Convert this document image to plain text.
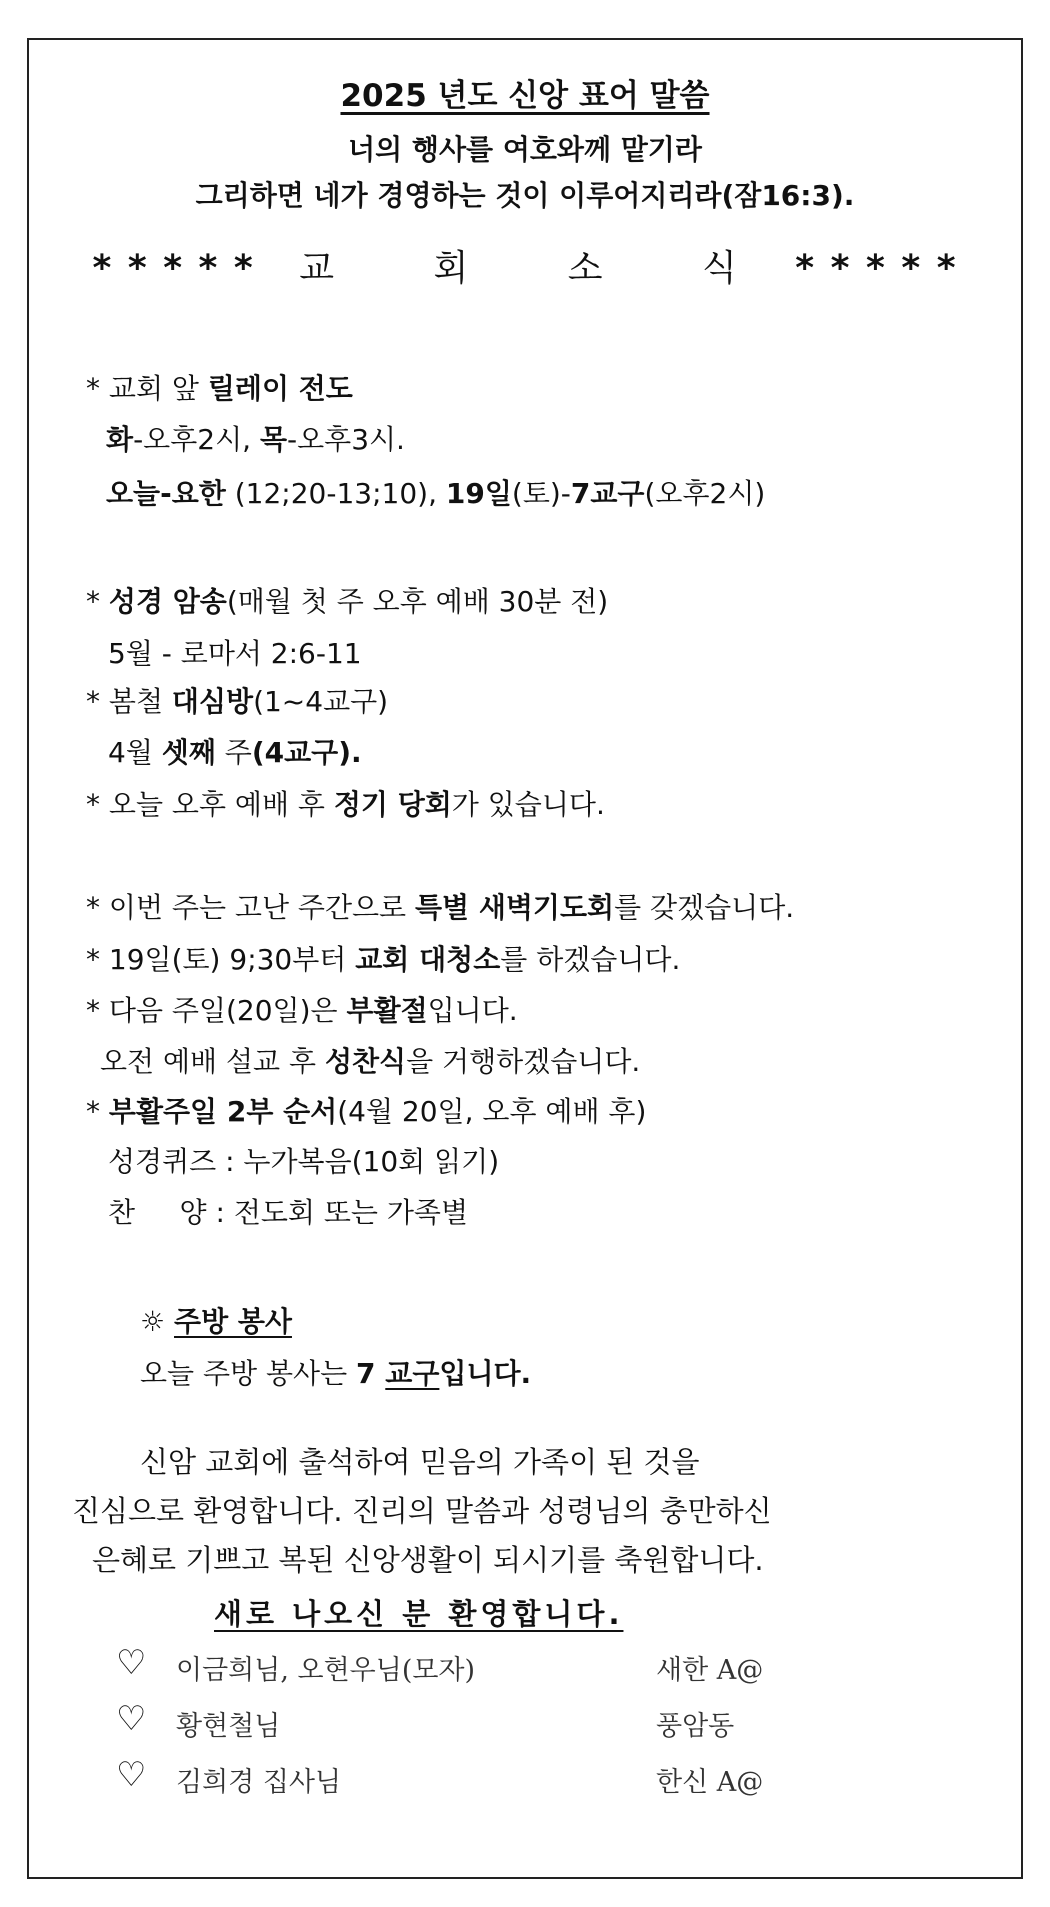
2025 년도 신앙 표어 말씀
너의 행사를 여호와께 맡기라
그리하면 네가 경영하는 것이 이루어지리라(잠16:3).
* * * * * 교 회 소 식 * * * * *
* 교회 앞 릴레이 전도
화-오후2시, 목-오후3시.
오늘-요한 (12;20-13;10), 19일(토)-7교구(오후2시)
* 성경 암송(매월 첫 주 오후 예배 30분 전)
5월 - 로마서 2:6-11
* 봄철 대심방(1~4교구)
4월 셋째 주(4교구).
* 오늘 오후 예배 후 정기 당회가 있습니다.
* 이번 주는 고난 주간으로 특별 새벽기도회를 갖겠습니다.
* 19일(토) 9;30부터 교회 대청소를 하겠습니다.
* 다음 주일(20일)은 부활절입니다.
오전 예배 설교 후 성찬식을 거행하겠습니다.
* 부활주일 2부 순서(4월 20일, 오후 예배 후)
성경퀴즈 : 누가복음(10회 읽기)
찬     양 : 전도회 또는 가족별
☼ 주방 봉사
오늘 주방 봉사는 7 교구입니다.
신암 교회에 출석하여 믿음의 가족이 된 것을
진심으로 환영합니다. 진리의 말씀과 성령님의 충만하신
은혜로 기쁘고 복된 신앙생활이 되시기를 축원합니다.
새로 나오신 분 환영합니다.
♡ 이금희님, 오현우님(모자)	새한 A@
♡ 황현철님	풍암동
♡ 김희경 집사님	한신 A@
